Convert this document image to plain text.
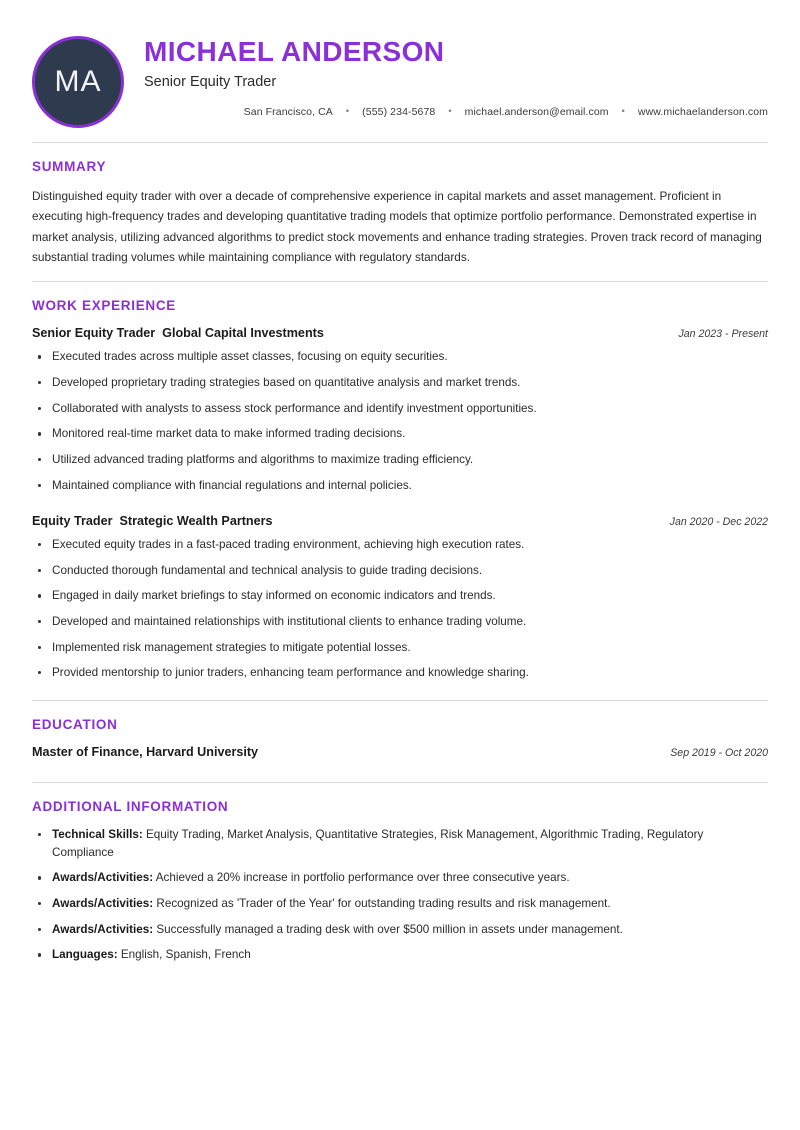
MA
MICHAEL ANDERSON
Senior Equity Trader
San Francisco, CA • (555) 234-5678 • michael.anderson@email.com • www.michaelanderson.com
SUMMARY

Distinguished equity trader with over a decade of comprehensive experience in capital markets and asset management. Proficient in executing high-frequency trades and developing quantitative trading models that optimize portfolio performance. Demonstrated expertise in market analysis, utilizing advanced algorithms to predict stock movements and enhance trading strategies. Proven track record of managing substantial trading volumes while maintaining compliance with regulatory standards.

WORK EXPERIENCE
Senior Equity Trader Global Capital Investments	Jan 2023 - Present
Executed trades across multiple asset classes, focusing on equity securities.
Developed proprietary trading strategies based on quantitative analysis and market trends.
Collaborated with analysts to assess stock performance and identify investment opportunities.
Monitored real-time market data to make informed trading decisions.
Utilized advanced trading platforms and algorithms to maximize trading efficiency.
Maintained compliance with financial regulations and internal policies.
Equity Trader Strategic Wealth Partners	Jan 2020 - Dec 2022
Executed equity trades in a fast-paced trading environment, achieving high execution rates.
Conducted thorough fundamental and technical analysis to guide trading decisions.
Engaged in daily market briefings to stay informed on economic indicators and trends.
Developed and maintained relationships with institutional clients to enhance trading volume.
Implemented risk management strategies to mitigate potential losses.
Provided mentorship to junior traders, enhancing team performance and knowledge sharing.
EDUCATION
Master of Finance, Harvard University	Sep 2019 - Oct 2020
ADDITIONAL INFORMATION
Technical Skills: Equity Trading, Market Analysis, Quantitative Strategies, Risk Management, Algorithmic Trading, Regulatory Compliance
Awards/Activities: Achieved a 20% increase in portfolio performance over three consecutive years.
Awards/Activities: Recognized as 'Trader of the Year' for outstanding trading results and risk management.
Awards/Activities: Successfully managed a trading desk with over $500 million in assets under management.
Languages: English, Spanish, French
